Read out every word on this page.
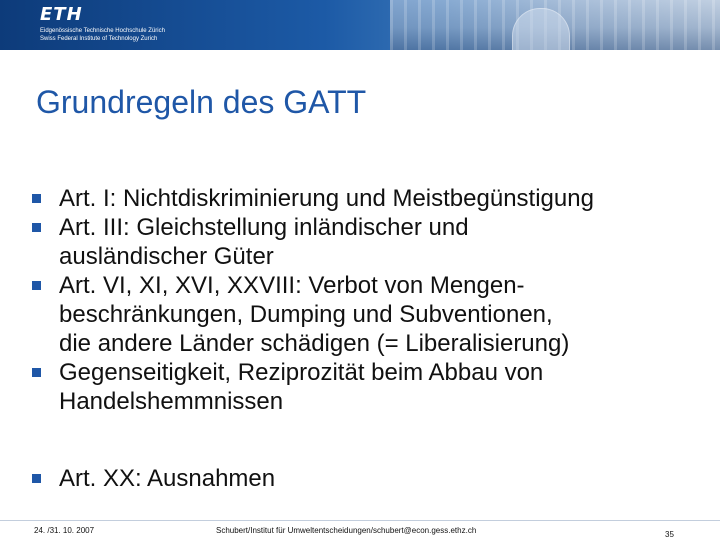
ETH
Eidgenössische Technische Hochschule Zürich
Swiss Federal Institute of Technology Zurich
Grundregeln des GATT
Art. I: Nichtdiskriminierung und Meistbegünstigung
Art. III: Gleichstellung inländischer und
ausländischer Güter
Art. VI, XI, XVI, XXVIII: Verbot von Mengen-
beschränkungen, Dumping und Subventionen,
die andere Länder schädigen (= Liberalisierung)
Gegenseitigkeit, Reziprozität beim Abbau von
Handelshemmnissen
Art. XX: Ausnahmen
24. /31. 10. 2007	Schubert/Institut für Umweltentscheidungen/schubert@econ.gess.ethz.ch	35
